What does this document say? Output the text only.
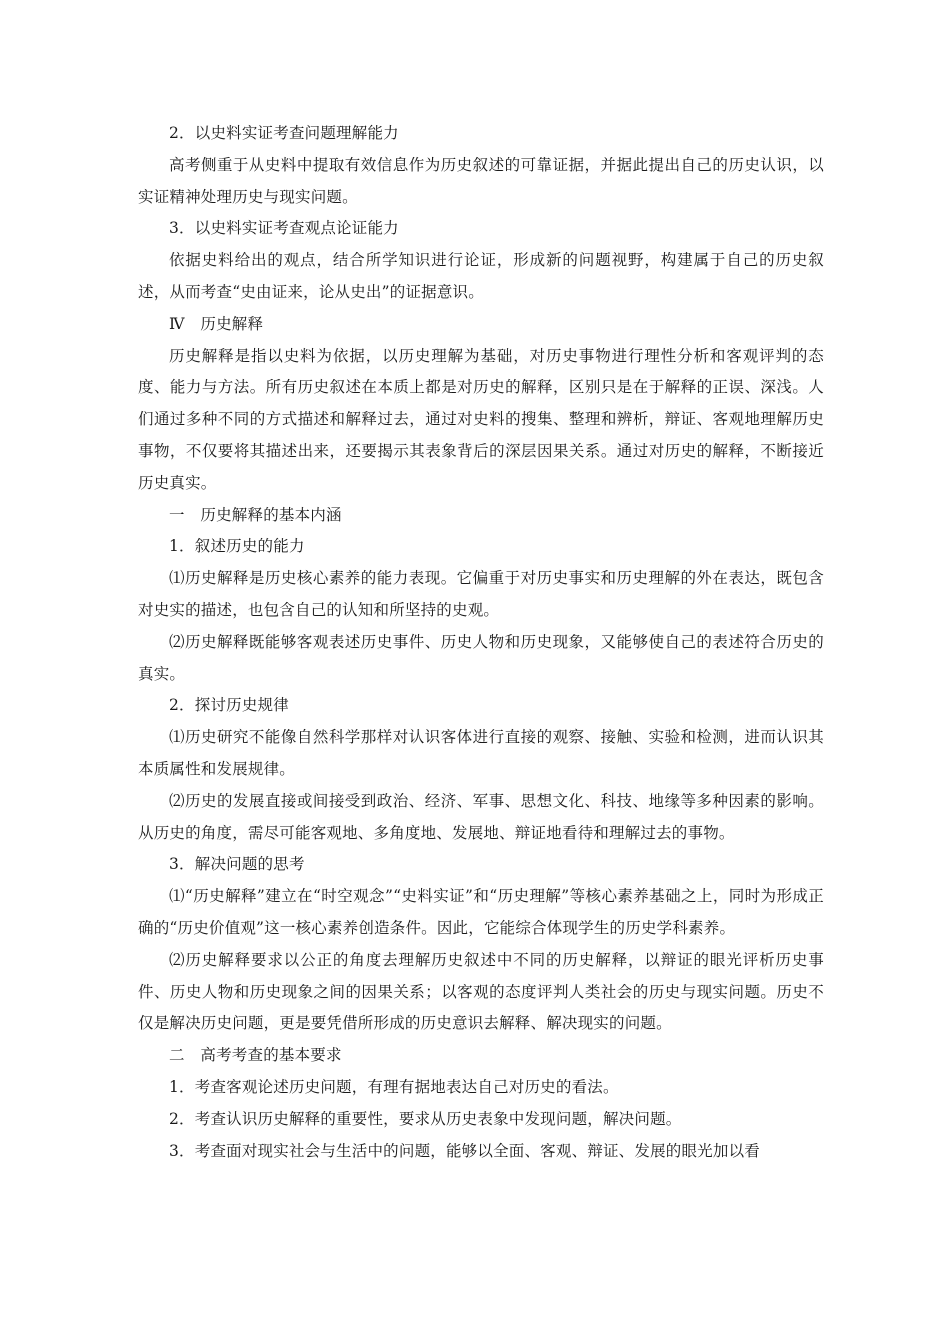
2．以史料实证考查问题理解能力

高考侧重于从史料中提取有效信息作为历史叙述的可靠证据，并据此提出自己的历史认识，以实证精神处理历史与现实问题。

3．以史料实证考查观点论证能力

依据史料给出的观点，结合所学知识进行论证，形成新的问题视野，构建属于自己的历史叙述，从而考查“史由证来，论从史出”的证据意识。

Ⅳ　历史解释

历史解释是指以史料为依据，以历史理解为基础，对历史事物进行理性分析和客观评判的态度、能力与方法。所有历史叙述在本质上都是对历史的解释，区别只是在于解释的正误、深浅。人们通过多种不同的方式描述和解释过去，通过对史料的搜集、整理和辨析，辩证、客观地理解历史事物，不仅要将其描述出来，还要揭示其表象背后的深层因果关系。通过对历史的解释，不断接近历史真实。

一　历史解释的基本内涵

1．叙述历史的能力

⑴历史解释是历史核心素养的能力表现。它偏重于对历史事实和历史理解的外在表达，既包含对史实的描述，也包含自己的认知和所坚持的史观。

⑵历史解释既能够客观表述历史事件、历史人物和历史现象，又能够使自己的表述符合历史的真实。

2．探讨历史规律

⑴历史研究不能像自然科学那样对认识客体进行直接的观察、接触、实验和检测，进而认识其本质属性和发展规律。

⑵历史的发展直接或间接受到政治、经济、军事、思想文化、科技、地缘等多种因素的影响。从历史的角度，需尽可能客观地、多角度地、发展地、辩证地看待和理解过去的事物。

3．解决问题的思考

⑴“历史解释”建立在“时空观念”“史料实证”和“历史理解”等核心素养基础之上，同时为形成正确的“历史价值观”这一核心素养创造条件。因此，它能综合体现学生的历史学科素养。

⑵历史解释要求以公正的角度去理解历史叙述中不同的历史解释，以辩证的眼光评析历史事件、历史人物和历史现象之间的因果关系；以客观的态度评判人类社会的历史与现实问题。历史不仅是解决历史问题，更是要凭借所形成的历史意识去解释、解决现实的问题。

二　高考考查的基本要求

1．考查客观论述历史问题，有理有据地表达自己对历史的看法。

2．考查认识历史解释的重要性，要求从历史表象中发现问题，解决问题。

3．考查面对现实社会与生活中的问题，能够以全面、客观、辩证、发展的眼光加以看
